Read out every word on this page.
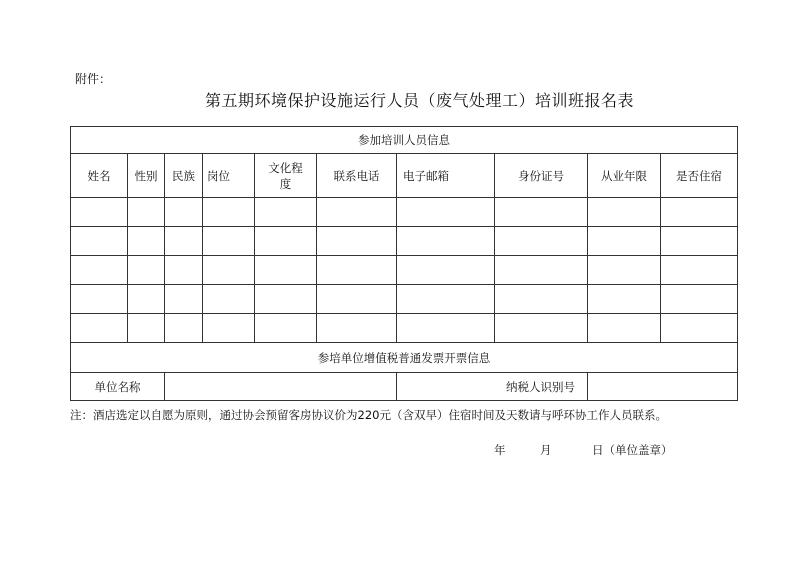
附件：
第五期环境保护设施运行人员（废气处理工）培训班报名表
参加培训人员信息									
姓名	性别	民族	岗位	文化程度	联系电话	电子邮箱	身份证号	从业年限	是否住宿

参培单位增值税普通发票开票信息									
单位名称						纳税人识别号			
注：酒店选定以自愿为原则，通过协会预留客房协议价为220元（含双早）住宿时间及天数请与呼环协工作人员联系。
年	月	日（单位盖章）
